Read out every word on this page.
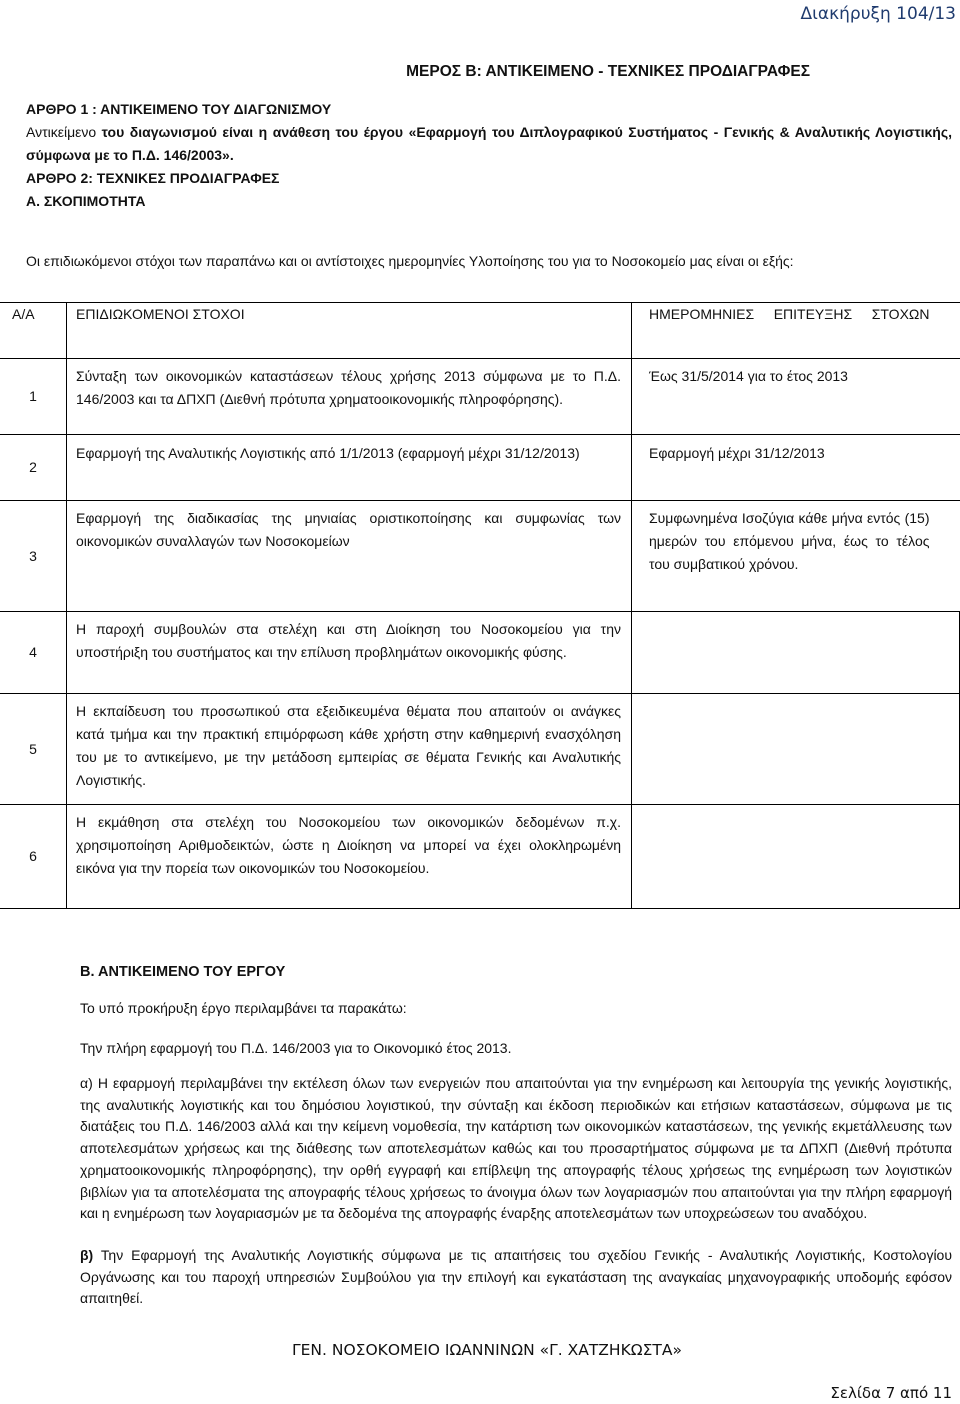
Διακήρυξη 104/13
ΜΕΡΟΣ Β: ΑΝΤΙΚΕΙΜΕΝΟ - ΤΕΧΝΙΚΕΣ ΠΡΟΔΙΑΓΡΑΦΕΣ
ΑΡΘΡΟ 1 : ΑΝΤΙΚΕΙΜΕΝΟ ΤΟΥ ΔΙΑΓΩΝΙΣΜΟΥ
Αντικείμενο του διαγωνισμού είναι η ανάθεση του έργου «Εφαρμογή του Διπλογραφικού Συστήματος - Γενικής & Αναλυτικής Λογιστικής, σύμφωνα με το Π.Δ. 146/2003».
ΑΡΘΡΟ 2: ΤΕΧΝΙΚΕΣ ΠΡΟΔΙΑΓΡΑΦΕΣ
Α. ΣΚΟΠΙΜΟΤΗΤΑ
Οι επιδιωκόμενοι στόχοι των παραπάνω και οι αντίστοιχες ημερομηνίες Υλοποίησης του για το Νοσοκομείο μας είναι οι εξής:
Α/Α	ΕΠΙΔΙΩΚΟΜΕΝΟΙ ΣΤΟΧΟΙ	ΗΜΕΡΟΜΗΝΙΕΣ ΕΠΙΤΕΥΞΗΣ ΣΤΟΧΩΝ
1	Σύνταξη των οικονομικών καταστάσεων τέλους χρήσης 2013 σύμφωνα με το Π.Δ. 146/2003 και τα ΔΠΧΠ (Διεθνή πρότυπα χρηματοοικονομικής πληροφόρησης).	Έως 31/5/2014 για το έτος 2013
2	Εφαρμογή της Αναλυτικής Λογιστικής από 1/1/2013 (εφαρμογή μέχρι 31/12/2013)	Εφαρμογή μέχρι 31/12/2013
3	Εφαρμογή της διαδικασίας της μηνιαίας οριστικοποίησης και συμφωνίας των οικονομικών συναλλαγών των Νοσοκομείων	Συμφωνημένα Ισοζύγια κάθε μήνα εντός (15) ημερών του επόμενου μήνα, έως το τέλος του συμβατικού χρόνου.
4	Η παροχή συμβουλών στα στελέχη και στη Διοίκηση του Νοσοκομείου για την υποστήριξη του συστήματος και την επίλυση προβλημάτων οικονομικής φύσης.	
5	Η εκπαίδευση του προσωπικού στα εξειδικευμένα θέματα που απαιτούν οι ανάγκες κατά τμήμα και την πρακτική επιμόρφωση κάθε χρήστη στην καθημερινή ενασχόληση του με το αντικείμενο, με την μετάδοση εμπειρίας σε θέματα Γενικής και Αναλυτικής Λογιστικής.	
6	Η εκμάθηση στα στελέχη του Νοσοκομείου των οικονομικών δεδομένων π.χ. χρησιμοποίηση Αριθμοδεικτών, ώστε η Διοίκηση να μπορεί να έχει ολοκληρωμένη εικόνα για την πορεία των οικονομικών του Νοσοκομείου.	
Β. ΑΝΤΙΚΕΙΜΕΝΟ ΤΟΥ ΕΡΓΟΥ
Το υπό προκήρυξη έργο περιλαμβάνει τα παρακάτω:
Την πλήρη εφαρμογή του Π.Δ. 146/2003 για το Οικονομικό έτος 2013.
α) Η εφαρμογή περιλαμβάνει την εκτέλεση όλων των ενεργειών που απαιτούνται για την ενημέρωση και λειτουργία της γενικής λογιστικής, της αναλυτικής λογιστικής και του δημόσιου λογιστικού, την σύνταξη και έκδοση περιοδικών και ετήσιων καταστάσεων, σύμφωνα με τις διατάξεις του Π.Δ. 146/2003 αλλά και την κείμενη νομοθεσία, την κατάρτιση των οικονομικών καταστάσεων, της γενικής εκμετάλλευσης των αποτελεσμάτων χρήσεως και της διάθεσης των αποτελεσμάτων καθώς και του προσαρτήματος σύμφωνα με τα ΔΠΧΠ (Διεθνή πρότυπα χρηματοοικονομικής πληροφόρησης), την ορθή εγγραφή και επίβλεψη της απογραφής τέλους χρήσεως της ενημέρωση των λογιστικών βιβλίων για τα αποτελέσματα της απογραφής τέλους χρήσεως το άνοιγμα όλων των λογαριασμών που απαιτούνται για την πλήρη εφαρμογή και η ενημέρωση των λογαριασμών με τα δεδομένα της απογραφής έναρξης αποτελεσμάτων των υποχρεώσεων του αναδόχου.
β) Την Εφαρμογή της Αναλυτικής Λογιστικής σύμφωνα με τις απαιτήσεις του σχεδίου Γενικής - Αναλυτικής Λογιστικής, Κοστολογίου Οργάνωσης και του παροχή υπηρεσιών Συμβούλου για την επιλογή και εγκατάσταση της αναγκαίας μηχανογραφικής υποδομής εφόσον απαιτηθεί.
ΓΕΝ. ΝΟΣΟΚΟΜΕΙΟ ΙΩΑΝΝΙΝΩΝ «Γ. ΧΑΤΖΗΚΩΣΤΑ»
Σελίδα 7 από 11
